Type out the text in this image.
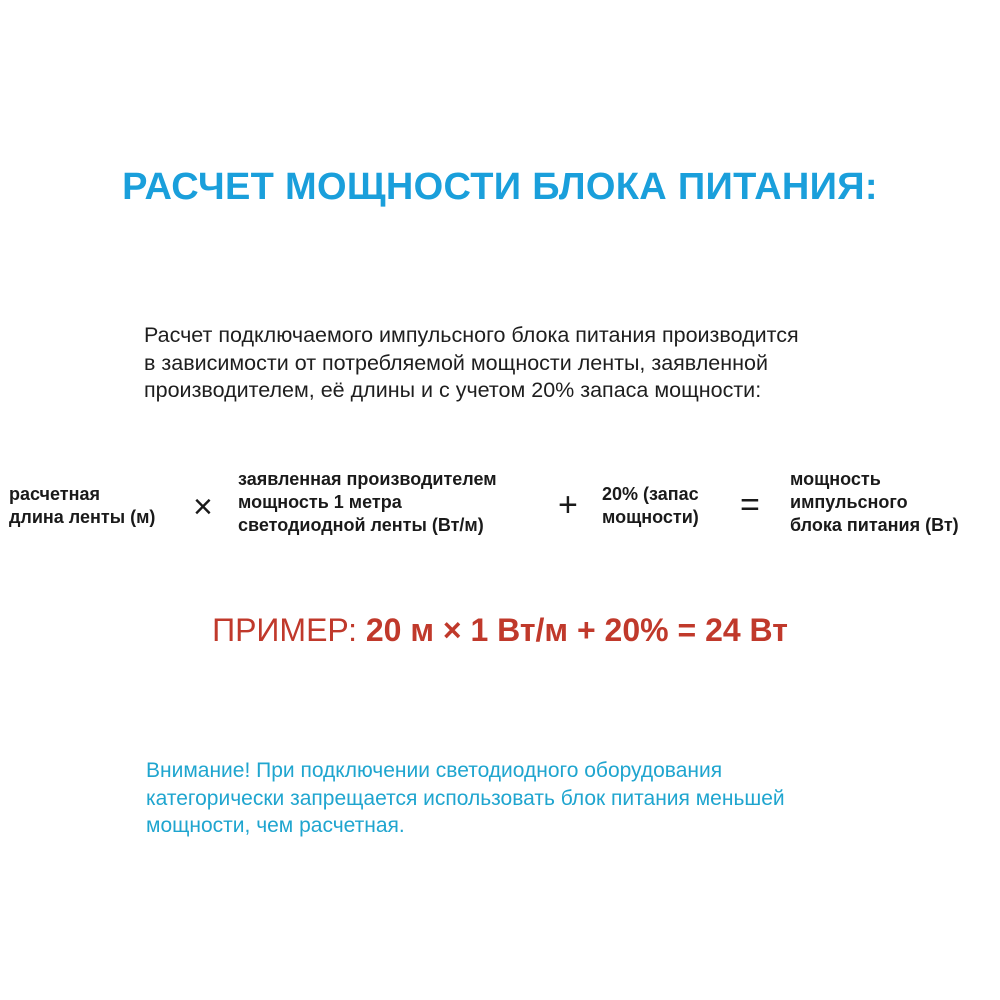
РАСЧЕТ МОЩНОСТИ БЛОКА ПИТАНИЯ:
Расчет подключаемого импульсного блока питания производится
в зависимости от потребляемой мощности ленты, заявленной
производителем, её длины и с учетом 20% запаса мощности:
расчетная
длина ленты (м) ×
заявленная производителем
мощность 1 метра
светодиодной ленты (Вт/м)
+ 20% (запас
мощности) =
мощность
импульсного
блока питания (Вт)
ПРИМЕР: 20 м × 1 Вт/м + 20% = 24 Вт
Внимание! При подключении светодиодного оборудования
категорически запрещается использовать блок питания меньшей
мощности, чем расчетная.
